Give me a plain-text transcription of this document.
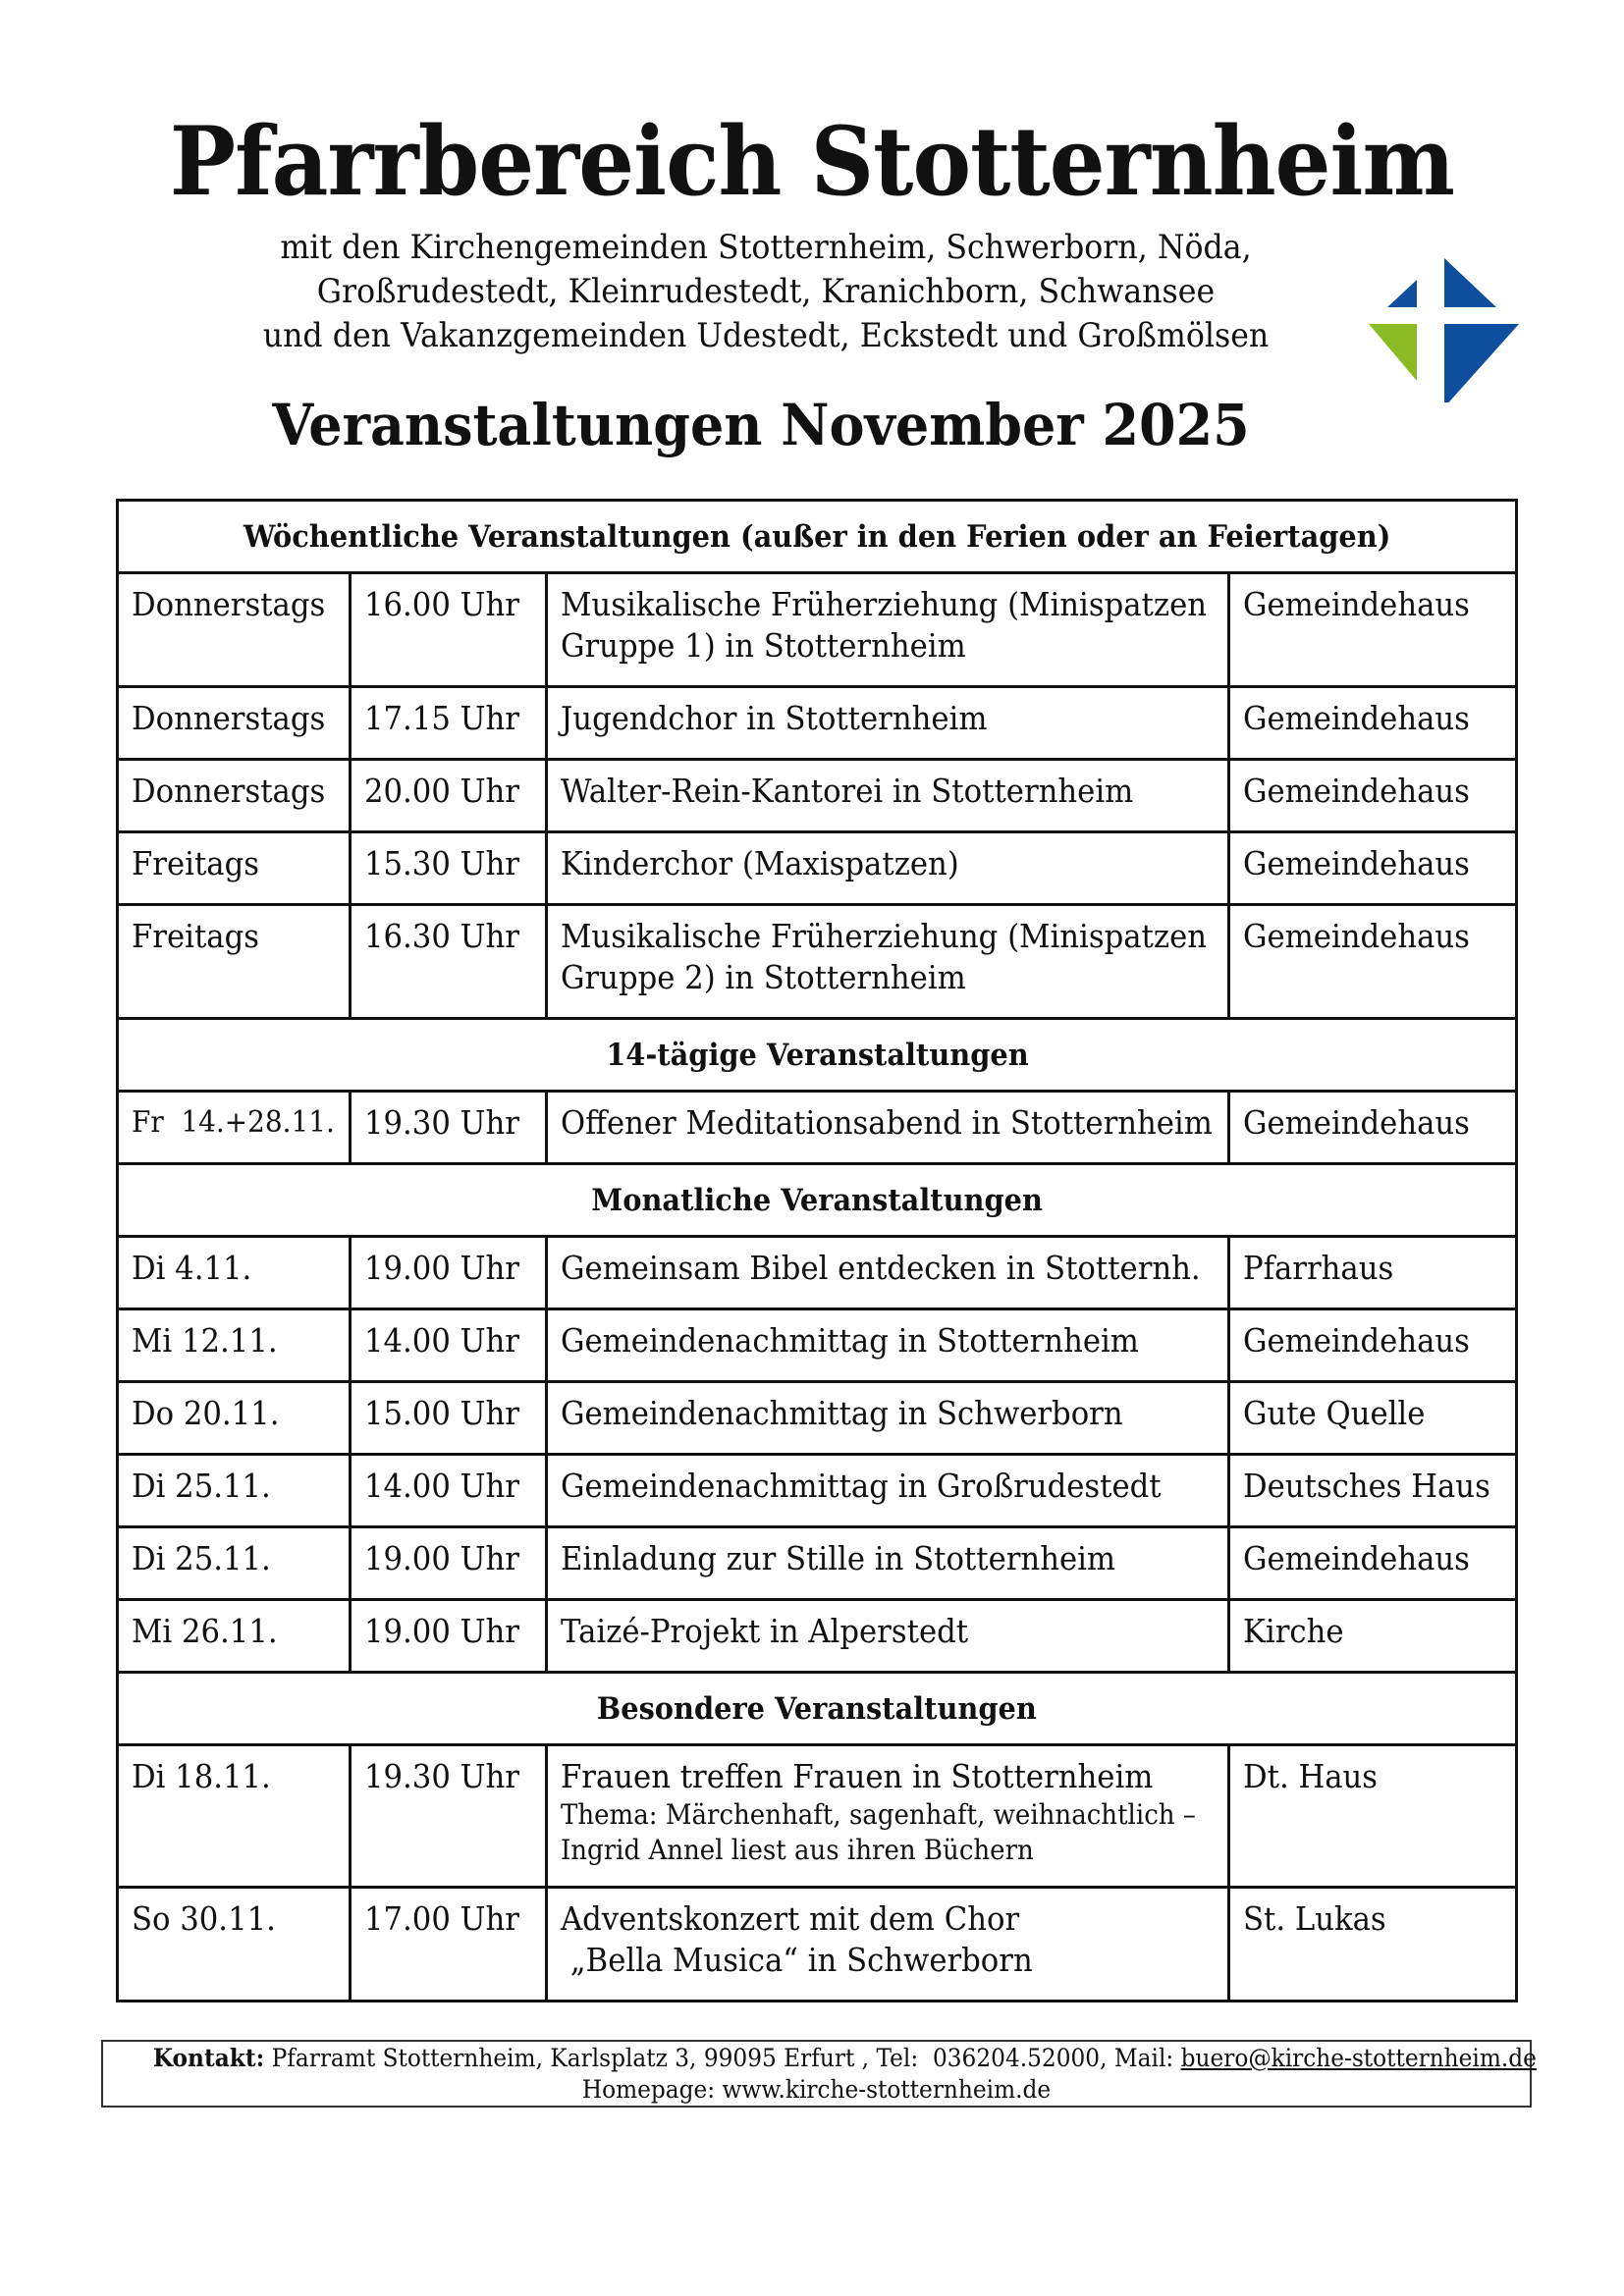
Pfarrbereich Stotternheim
mit den Kirchengemeinden Stotternheim, Schwerborn, Nöda,
Großrudestedt, Kleinrudestedt, Kranichborn, Schwansee
und den Vakanzgemeinden Udestedt, Eckstedt und Großmölsen
Veranstaltungen November 2025
Wöchentliche Veranstaltungen (außer in den Ferien oder an Feiertagen)			
Donnerstags	16.00 Uhr	Musikalische Früherziehung (Minispatzen
Gruppe 1) in Stotternheim	Gemeindehaus
Donnerstags	17.15 Uhr	Jugendchor in Stotternheim	Gemeindehaus
Donnerstags	20.00 Uhr	Walter-Rein-Kantorei in Stotternheim	Gemeindehaus
Freitags	15.30 Uhr	Kinderchor (Maxispatzen)	Gemeindehaus
Freitags	16.30 Uhr	Musikalische Früherziehung (Minispatzen
Gruppe 2) in Stotternheim	Gemeindehaus
14-tägige Veranstaltungen			
Fr  14.+28.11.	19.30 Uhr	Offener Meditationsabend in Stotternheim	Gemeindehaus
Monatliche Veranstaltungen			
Di 4.11.	19.00 Uhr	Gemeinsam Bibel entdecken in Stotternh.	Pfarrhaus
Mi 12.11.	14.00 Uhr	Gemeindenachmittag in Stotternheim	Gemeindehaus
Do 20.11.	15.00 Uhr	Gemeindenachmittag in Schwerborn	Gute Quelle
Di 25.11.	14.00 Uhr	Gemeindenachmittag in Großrudestedt	Deutsches Haus
Di 25.11.	19.00 Uhr	Einladung zur Stille in Stotternheim	Gemeindehaus
Mi 26.11.	19.00 Uhr	Taizé-Projekt in Alperstedt	Kirche
Besondere Veranstaltungen			
Di 18.11.	19.30 Uhr	Frauen treffen Frauen in Stotternheim
Thema: Märchenhaft, sagenhaft, weihnachtlich –
Ingrid Annel liest aus ihren Büchern	Dt. Haus
So 30.11.	17.00 Uhr	Adventskonzert mit dem Chor
„Bella Musica“ in Schwerborn	St. Lukas
Kontakt: Pfarramt Stotternheim, Karlsplatz 3, 99095 Erfurt , Tel:  036204.52000, Mail: buero@kirche-stotternheim.de
Homepage: www.kirche-stotternheim.de
